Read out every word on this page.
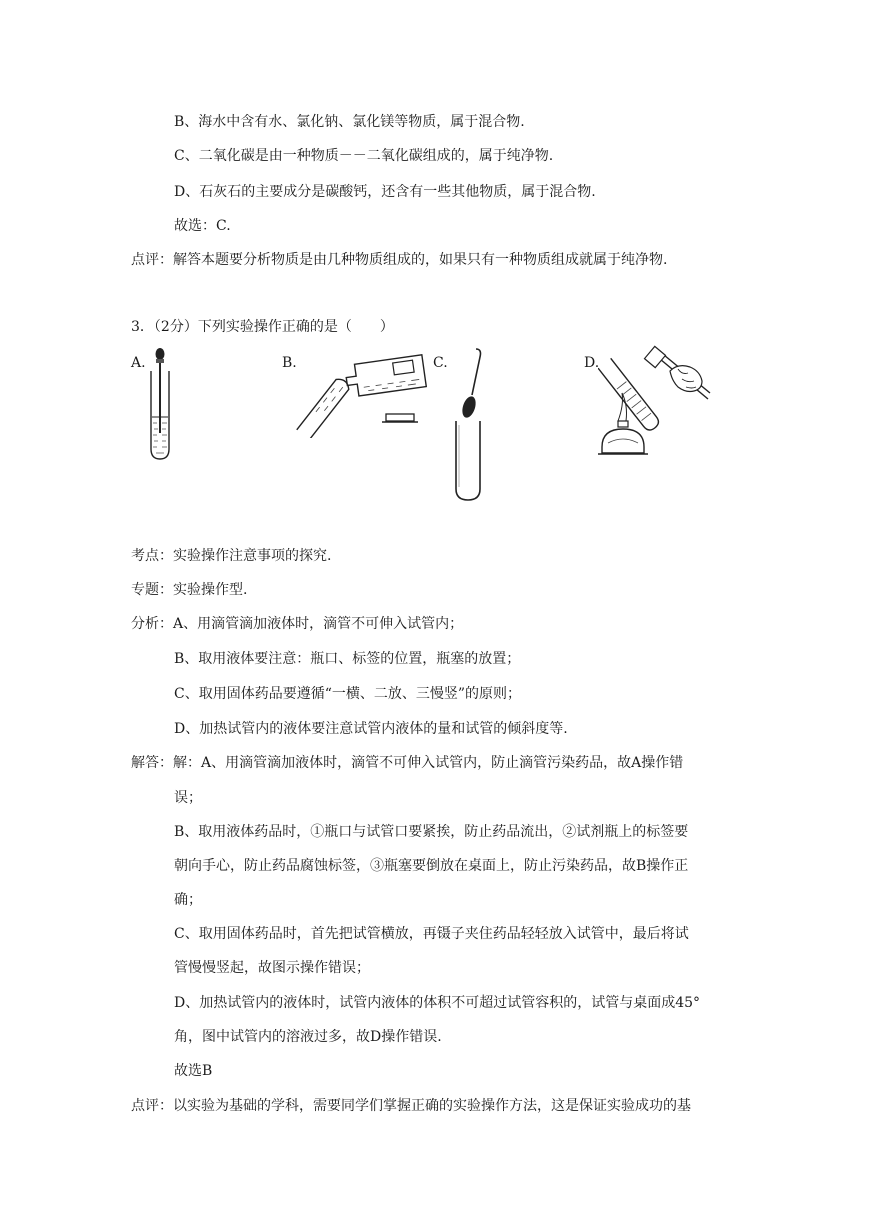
B、海水中含有水、氯化钠、氯化镁等物质，属于混合物.
C、二氧化碳是由一种物质－－二氧化碳组成的，属于纯净物.
D、石灰石的主要成分是碳酸钙，还含有一些其他物质，属于混合物.
故选：C.
点评：解答本题要分析物质是由几种物质组成的，如果只有一种物质组成就属于纯净物.
3．（2分）下列实验操作正确的是（　　）
A.	B.	C.	D.
考点：实验操作注意事项的探究.
专题：实验操作型.
分析：A、用滴管滴加液体时，滴管不可伸入试管内；
B、取用液体要注意：瓶口、标签的位置，瓶塞的放置；
C、取用固体药品要遵循“一横、二放、三慢竖”的原则；
D、加热试管内的液体要注意试管内液体的量和试管的倾斜度等.
解答：解：A、用滴管滴加液体时，滴管不可伸入试管内，防止滴管污染药品，故A操作错
误；
B、取用液体药品时，①瓶口与试管口要紧挨，防止药品流出，②试剂瓶上的标签要
朝向手心，防止药品腐蚀标签，③瓶塞要倒放在桌面上，防止污染药品，故B操作正
确；
C、取用固体药品时，首先把试管横放，再镊子夹住药品轻轻放入试管中，最后将试
管慢慢竖起，故图示操作错误；
D、加热试管内的液体时，试管内液体的体积不可超过试管容积的，试管与桌面成45°
角，图中试管内的溶液过多，故D操作错误.
故选B
点评：以实验为基础的学科，需要同学们掌握正确的实验操作方法，这是保证实验成功的基
